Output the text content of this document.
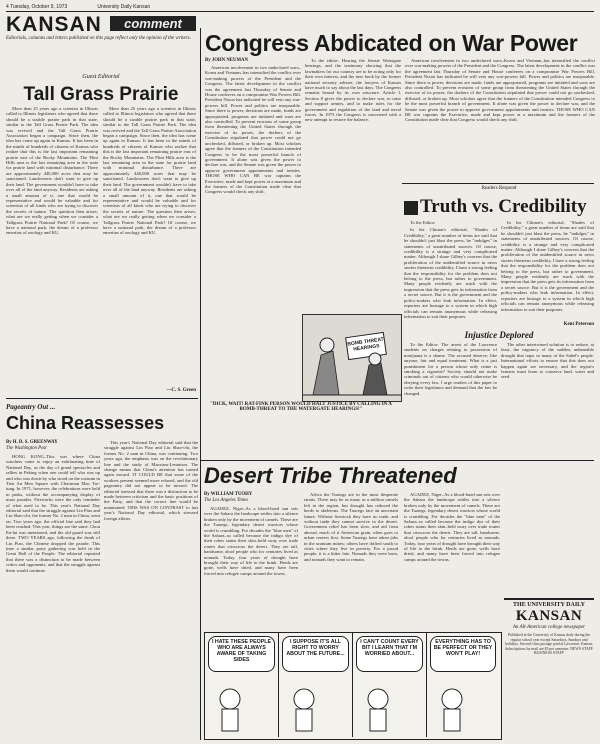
4 Tuesday, October 9, 1973	University Daily Kansan
KANSAN	comment
Editorials, columns and letters published on this page reflect only the opinion of the writers. Congress Abdicated on War Power
By JOHN NEUMAN

American involvement in two undeclared wars–Korea and Vietnam–has intensified the conflict over war-making powers of the President and the Congress. The latest development in the conflict was the agreement last Thursday of Senate and House conferees on a compromise War Powers Bill. President Nixon has indicated he will veto any war-powers bill. Power and politics are inseparable. Since there is power, decisions are made, funds are appropriated, programs are initiated and wars are also controlled. To prevent erosions of some group from threatening the United States through the exercise of its power, the drafters of the Constitution stipulated that power could not go unchecked, diffused, or broken up. Most scholars agree that the framers of the Constitution intended Congress to be the most powerful branch of government. It alone was given the power to declare war, and the Senate was given the power to approve government appointments and treaties. THOSE WHO CAN BE war captains the Executive, made and kept power at a maximum and the framers of the Constitution made clear that Congress would check any shift.

To the editor: Hearing the Senate Watergate hearings, and the testimony showing that the lawmakers for our country are to be acting only for their own interest, and the new book by the former national security adviser, the lawyers of Kansas have much to say about the last days. The Congress remains bound by its own structure. Article I, Section 8 gives the power to declare war, to raise and support armies, and to make rules for the government and regulation of the land and naval forces. In 1973 the Congress is concerned with a new attempt to restore the balance.

American involvement in two undeclared wars–Korea and Vietnam–has intensified the conflict over war-making powers of the President and the Congress. The latest development in the conflict was the agreement last Thursday of Senate and House conferees on a compromise War Powers Bill. President Nixon has indicated he will veto any war-powers bill. Power and politics are inseparable. Since there is power, decisions are made, funds are appropriated, programs are initiated and wars are also controlled. To prevent erosions of some group from threatening the United States through the exercise of its power, the drafters of the Constitution stipulated that power could not go unchecked, diffused, or broken up. Most scholars agree that the framers of the Constitution intended Congress to be the most powerful branch of government. It alone was given the power to declare war, and the Senate was given the power to approve government appointments and treaties. THOSE WHO CAN BE war captains the Executive, made and kept power at a maximum and the framers of the Constitution made clear that Congress would check any shift.

Guest Editorial
Tall Grass Prairie

More than 25 years ago a scientist in Illinois called to Illinois legislators who agreed that there should be a sizable prairie park in that state, similar to the Tall Grass Prairie Park. The idea was revived and the Tall Grass Prairie Association began a campaign. Since then, the idea has come up again in Kansas. It has been in the minds of hundreds of citizens of Kansas who realize that this is the last important remaining prairie east of the Rocky Mountains. The Flint Hills area is the last remaining area in the state for prairie land with minimal disturbance. There are approximately 440,000 acres that may be sanctioned. Landowners don't want to give up their land. The government wouldn't have to take over all of the land anyway. Residents are asking a small amount of it, one that would be representative and would be valuable and for scientists of all kinds who are trying to discover the secrets of nature. The question then arises: what are we really getting when we consider a Tallgrass Prairie National Park? Of course, we have a national park, the dream of a professor emeritus of zoology and KU.

More than 25 years ago a scientist in Illinois called to Illinois legislators who agreed that there should be a sizable prairie park in that state, similar to the Tall Grass Prairie Park. The idea was revived and the Tall Grass Prairie Association began a campaign. Since then, the idea has come up again in Kansas. It has been in the minds of hundreds of citizens of Kansas who realize that this is the last important remaining prairie east of the Rocky Mountains. The Flint Hills area is the last remaining area in the state for prairie land with minimal disturbance. There are approximately 440,000 acres that may be sanctioned. Landowners don't want to give up their land. The government wouldn't have to take over all of the land anyway. Residents are asking a small amount of it, one that would be representative and would be valuable and for scientists of all kinds who are trying to discover the secrets of nature. The question then arises: what are we really getting when we consider a Tallgrass Prairie National Park? Of course, we have a national park, the dream of a professor emeritus of zoology and KU.

—C. S. Green
Readers Respond
Truth vs. Credibility

To the Editor:

In his Clinton's editorial, "Shades of Credibility," a great number of items are said that he shouldn't just blast the press, he "indulges" in statements of unattributed sources. Of course, credibility is a strange and very complicated matter. Although I share Gilbey's concern that the proliferation of the unidentified source in news stories threatens credibility, I have a strong feeling that the responsibility for the problem does not belong to the press, but rather to government. Many people evidently are stuck with the impression that the press gets its information from a secret source. But it is the government and the policy-makers who leak information. In effect, reporters are hostage to a system in which high officials can remain anonymous while releasing information to suit their purposes.

In his Clinton's editorial, "Shades of Credibility," a great number of items are said that he shouldn't just blast the press, he "indulges" in statements of unattributed sources. Of course, credibility is a strange and very complicated matter. Although I share Gilbey's concern that the proliferation of the unidentified source in news stories threatens credibility, I have a strong feeling that the responsibility for the problem does not belong to the press, but rather to government. Many people evidently are stuck with the impression that the press gets its information from a secret source. But it is the government and the policy-makers who leak information. In effect, reporters are hostage to a system in which high officials can remain anonymous while releasing information to suit their purposes.

Kent Peterson
Injustice Deplored

To the Editor: The arrest of the Lawrence students on charges relating to possession of marijuana is a shame. The accused deserve, like anyone, fair and equal treatment. What is a just punishment for a person whose only crime is smoking a cigarette? Society should not make criminals out of citizens who would otherwise be obeying every law. I urge readers of this paper to write their legislators and demand that the law be changed.

The other intertwined solution is to reduce, at least, the vagrancy of the sudden, unbearable drought that traps so many of the Sahel's people. International efforts to ensure that this does not happen again are necessary, and the region's farmers must learn to conserve land, water and seed.

BOMB THREAT HEARINGS
"DICK, WAIT! RAT-FINK PERSON WOULD HALT JUSTICE BY CALLING IN A BOMB-THREAT TO THE WATERGATE HEARINGS!"
Pageantry Out ...
China Reassesses
By H. D. S. GREENWAY
The Washington Post

HONG KONG–This was where China watchers come to enjoy an exhilarating time of National Day, as the day of grand spectacles and rallies in Peking when one could tell who was up and who was down by who stood on the rostrum in Tien An Men Square with Chairman Mao Tse-tung. In 1971, however, the celebrations were held in parks, without the accompanying display of mass parades. Fireworks were the only reminder of what used to be. This year's National Day editorial said that the struggle against Lin Piao and Liu Shao-chi, the former No. 2 man in China, went on. Two years ago, the official line said they had been crushed. This year, things are the same. Chou En-lai was mentioned, and the old guard was still there. TWO YEARS ago, following the death of Lin Piao, the Chinese dropped the parade. This time a similar party gathering was held in the Great Hall of the People. The editorial repeated that there was a distinction to be made between critics and opponents, and that the struggle against them would continue.

This year's National Day editorial said that the struggle against Lin Piao and Liu Shao-chi, the former No. 2 man in China, was continuing. Two years ago, the emphasis was on the revolutionary line and the study of Marxism-Leninism. The change means that China's attention has turned again inward. IT COULD BE that some of the workers present seemed more relaxed, and the old pageantry did not appear to be missed. The editorial stressed that there was a distinction to be made between criticism and the basic positions of the Party, and that the correct line would be maintained. THIS WAS ON CONTRAST to last year's National Day editorial, which stressed foreign affairs.

Desert Tribe Threatened
By WILLIAM TUOHY
The Los Angeles Times

AGADEZ, Niger–As a blood-hued sun sets over the Sahara the landscape settles into a silence broken only by the movement of camels. These are the Tuaregs, legendary desert warriors whose world is crumbling. For decades the "blue men" of the Sahara–so called because the indigo dye of their robes stains their skin–held sway over trade routes that crisscross the desert. They are tall, handsome, aloof people who for centuries lived as nomads. Today, four years of drought have brought their way of life to the brink. Herds are gone, wells have dried, and many have been forced into refugee camps around the towns.

Africa the Tuaregs are in the most desperate straits. There may be as many as a million camels left in the region, but drought has reduced the herds to skeletons. The Tuaregs face an uncertain future. Without livestock they have no trade, and without trade they cannot survive in the desert. Government relief has been slow, and aid from abroad, much of it American grain, often goes to urban centers first. Some Tuaregs have taken jobs in the uranium mines; others have drifted south to cities where they live in poverty. For a proud people, it is a bitter fate. Nomads they were born, and nomads they want to remain.

AGADEZ, Niger–As a blood-hued sun sets over the Sahara the landscape settles into a silence broken only by the movement of camels. These are the Tuaregs, legendary desert warriors whose world is crumbling. For decades the "blue men" of the Sahara–so called because the indigo dye of their robes stains their skin–held sway over trade routes that crisscross the desert. They are tall, handsome, aloof people who for centuries lived as nomads. Today, four years of drought have brought their way of life to the brink. Herds are gone, wells have dried, and many have been forced into refugee camps around the towns.

I HATE THESE PEOPLE WHO ARE ALWAYS AWARE OF TAKING SIDES
I SUPPOSE IT'S ALL RIGHT TO WORRY ABOUT THE FUTURE...
I CAN'T COUNT EVERY BIT I LEARN THAT I'M WORRIED ABOUT...
EVERYTHING HAS TO BE PERFECT OR THEY WON'T PLAY!
THE UNIVERSITY DAILY
KANSAN
An All-American college newspaper
Published at the University of Kansas daily during the regular school year except Saturdays, Sundays and holidays. Second-class postage paid at Lawrence, Kansas. Subscriptions by mail are $5 per semester. NEWS STAFF BUSINESS STAFF
